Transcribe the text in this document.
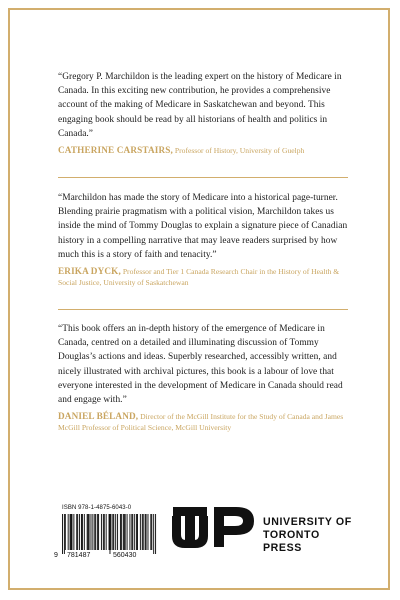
“Gregory P. Marchildon is the leading expert on the history of Medicare in Canada. In this exciting new contribution, he provides a comprehensive account of the making of Medicare in Saskatchewan and beyond. This engaging book should be read by all historians of health and politics in Canada.”

CATHERINE CARSTAIRS, Professor of History, University of Guelph

“Marchildon has made the story of Medicare into a historical page-turner. Blending prairie pragmatism with a political vision, Marchildon takes us inside the mind of Tommy Douglas to explain a signature piece of Canadian history in a compelling narrative that may leave readers surprised by how much this is a story of faith and tenacity.”

ERIKA DYCK, Professor and Tier 1 Canada Research Chair in the History of Health & Social Justice, University of Saskatchewan

“This book offers an in-depth history of the emergence of Medicare in Canada, centred on a detailed and illuminating discussion of Tommy Douglas’s actions and ideas. Superbly researched, accessibly written, and nicely illustrated with archival pictures, this book is a labour of love that everyone interested in the development of Medicare in Canada should read and engage with.”

DANIEL BÉLAND, Director of the McGill Institute for the Study of Canada and James McGill Professor of Political Science, McGill University

ISBN 978-1-4875-6043-0
9 781487	560430
UNIVERSITY OF
TORONTO PRESS
